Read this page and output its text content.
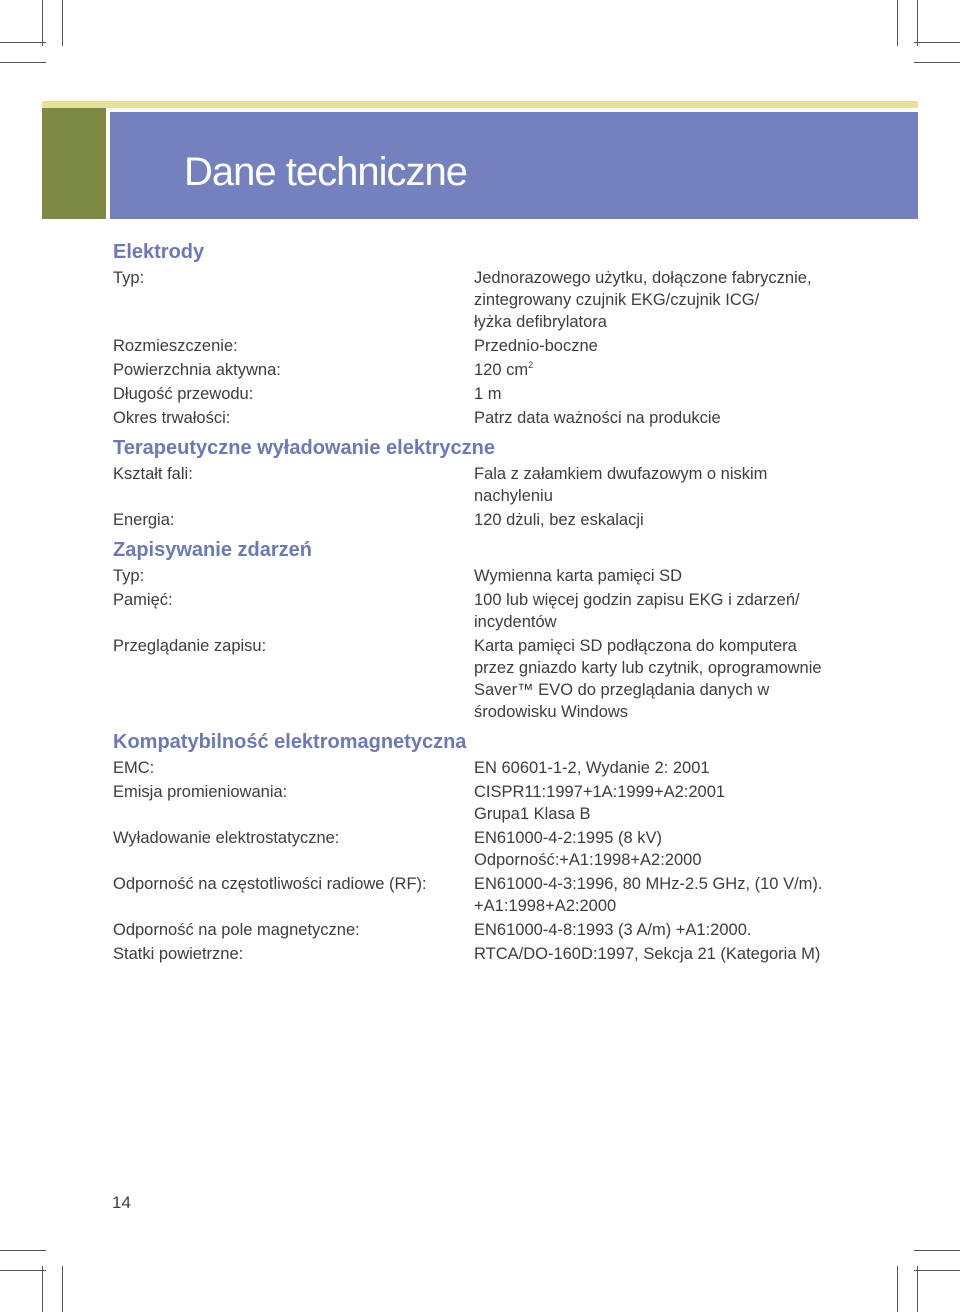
Dane techniczne
Elektrody
Typ:	Jednorazowego użytku, dołączone fabrycznie,
zintegrowany czujnik EKG/czujnik ICG/
łyżka defibrylatora
Rozmieszczenie:	Przednio-boczne
Powierzchnia aktywna:	120 $cm^2$
Długość przewodu:	1 m
Okres trwałości:	Patrz data ważności na produkcie
Terapeutyczne wyładowanie elektryczne
Kształt fali:	Fala z załamkiem dwufazowym o niskim
nachyleniu
Energia:	120 dżuli, bez eskalacji
Zapisywanie zdarzeń
Typ:	Wymienna karta pamięci SD
Pamięć:	100 lub więcej godzin zapisu EKG i zdarzeń/
incydentów
Przeglądanie zapisu:	Karta pamięci SD podłączona do komputera
przez gniazdo karty lub czytnik, oprogramownie
Saver™ EVO do przeglądania danych w
środowisku Windows
Kompatybilność elektromagnetyczna
EMC:	EN 60601-1-2, Wydanie 2: 2001
Emisja promieniowania:	CISPR11:1997+1A:1999+A2:2001
Grupa1 Klasa B
Wyładowanie elektrostatyczne:	EN61000-4-2:1995 (8 kV)
Odporność:+A1:1998+A2:2000
Odporność na częstotliwości radiowe (RF):	EN61000-4-3:1996, 80 MHz-2.5 GHz, (10 V/m).
+A1:1998+A2:2000
Odporność na pole magnetyczne:	EN61000-4-8:1993 (3 A/m) +A1:2000.
Statki powietrzne:	RTCA/DO-160D:1997, Sekcja 21 (Kategoria M)
14
